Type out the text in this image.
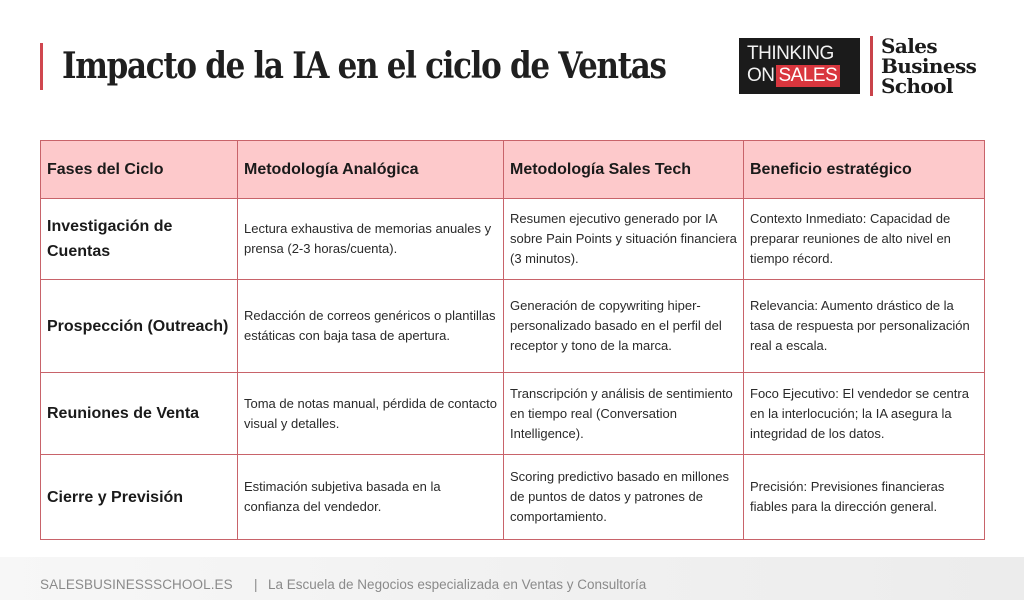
Impacto de la IA en el ciclo de Ventas	THINKING
ON SALES
Sales
Business
School
Fases del Ciclo	Metodología Analógica	Metodología Sales Tech	Beneficio estratégico
Investigación de Cuentas	Lectura exhaustiva de memorias anuales y prensa (2-3 horas/cuenta).	Resumen ejecutivo generado por IA sobre Pain Points y situación financiera (3 minutos).	Contexto Inmediato: Capacidad de preparar reuniones de alto nivel en tiempo récord.
Prospección (Outreach)	Redacción de correos genéricos o plantillas estáticas con baja tasa de apertura.	Generación de copywriting hiper-personalizado basado en el perfil del receptor y tono de la marca.	Relevancia: Aumento drástico de la tasa de respuesta por personalización real a escala.
Reuniones de Venta	Toma de notas manual, pérdida de contacto visual y detalles.	Transcripción y análisis de sentimiento en tiempo real (Conversation Intelligence).	Foco Ejecutivo: El vendedor se centra en la interlocución; la IA asegura la integridad de los datos.
Cierre y Previsión	Estimación subjetiva basada en la confianza del vendedor.	Scoring predictivo basado en millones de puntos de datos y patrones de comportamiento.	Precisión: Previsiones financieras fiables para la dirección general.
SALESBUSINESSSCHOOL.ES | La Escuela de Negocios especializada en Ventas y Consultoría
